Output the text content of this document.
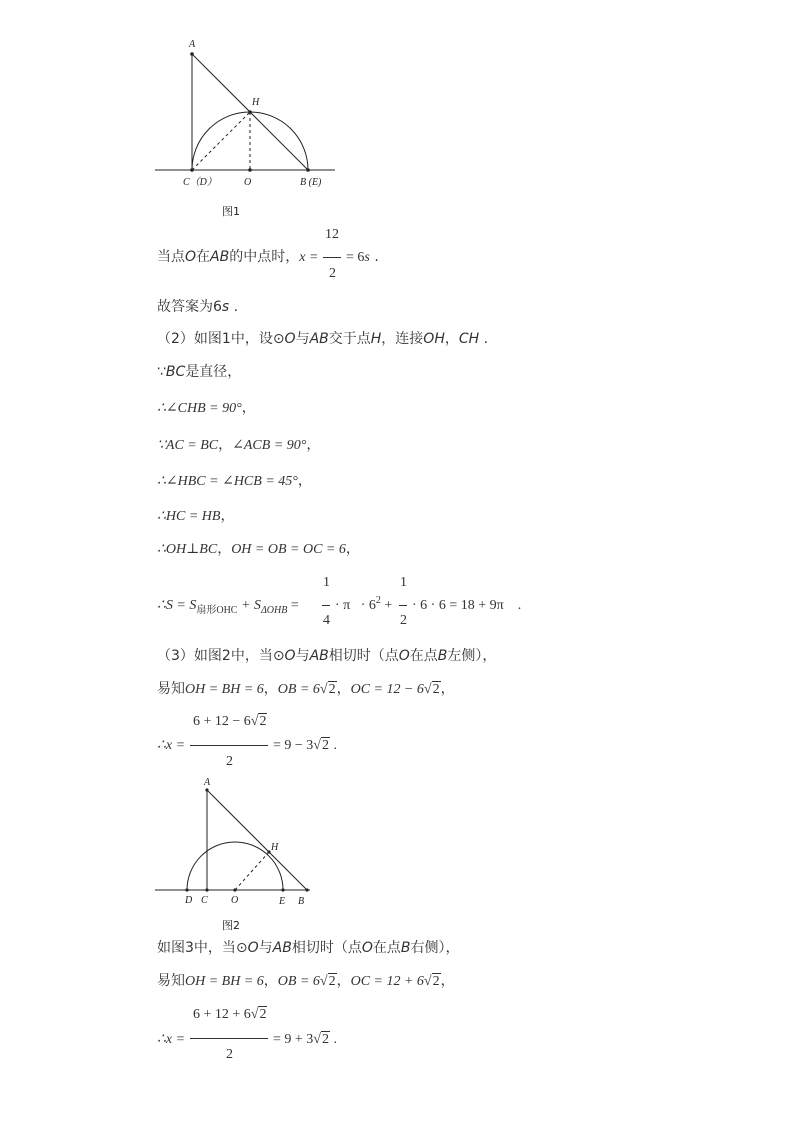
A
H
C（D）	O	B (E)
图1
当点O在AB的中点时，x =
12
2
= 6s .
故答案为6s .
（2）如图1中，设⊙O与AB交于点H，连接OH，CH .
∵BC是直径，
∴∠CHB = 90°，
∵AC = BC，∠ACB = 90°，
∴∠HBC = ∠HCB = 45°，
∴HC = HB，
∴OH⊥BC，OH = OB = OC = 6，
∴S = $S_{扇形OHC} + S_{\Delta OHB}$ =
1
4
· $\pi \cdot 6^2$ +
1
2
· 6 · 6 = 18 + 9π .
（3）如图2中，当⊙O与AB相切时（点O在点B左侧），
易知OH = BH = 6，OB = 6√2，OC = 12 − 6√2，
∴x =
6 + 12 − 6√2
2
= 9 − 3√2 .
A
H
D C O	E B
图2
如图3中，当⊙O与AB相切时（点O在点B右侧），
易知OH = BH = 6，OB = 6√2，OC = 12 + 6√2，
∴x =
6 + 12 + 6√2
2
= 9 + 3√2 .
